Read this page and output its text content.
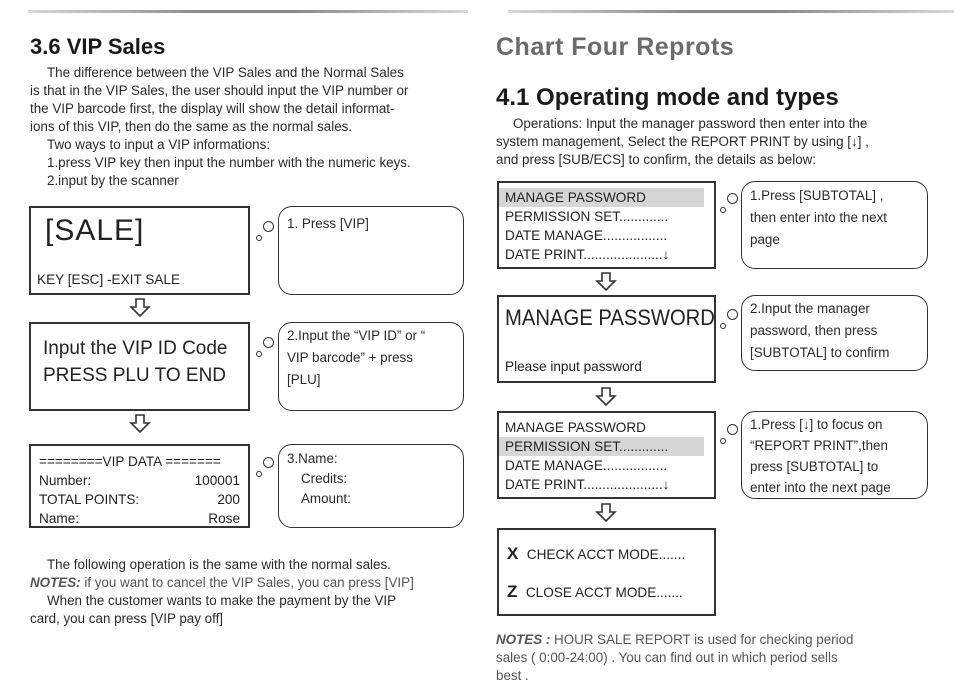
3.6 VIP Sales
The difference between the VIP Sales and the Normal Sales
is that in the VIP Sales, the user should input the VIP number or
the VIP barcode first, the display will show the detail informat-
ions of this VIP, then do the same as the normal sales.
Two ways to input a VIP informations:
1.press VIP key then input the number with the numeric keys.
2.input by the scanner
[SALE]
KEY [ESC] -EXIT SALE
1. Press [VIP]
Input the VIP ID Code
PRESS PLU TO END
2.Input the “VIP ID” or “
VIP barcode” + press
[PLU]
========VIP DATA =======
Number:	100001
TOTAL POINTS:	200
Name:	Rose
3.Name:
Credits:
Amount:
The following operation is the same with the normal sales.
NOTES: if you want to cancel the VIP Sales, you can press [VIP]
When the customer wants to make the payment by the VIP
card, you can press [VIP pay off]
Chart Four Reprots
4.1 Operating mode and types
Operations: Input the manager password then enter into the
system management, Select the REPORT PRINT by using [↓] ,
and press [SUB/ECS] to confirm, the details as below:
MANAGE PASSWORD
PERMISSION SET.............
DATE MANAGE.................
DATE PRINT.....................↓
1.Press [SUBTOTAL] ,
then enter into the next
page
MANAGE PASSWORD
Please input password
2.Input the manager
password, then press
[SUBTOTAL] to confirm
MANAGE PASSWORD
PERMISSION SET.............
DATE MANAGE.................
DATE PRINT.....................↓
1.Press [↓] to focus on
“REPORT PRINT”,then
press [SUBTOTAL] to
enter into the next page
X CHECK ACCT MODE.......
Z CLOSE ACCT MODE.......
NOTES : HOUR SALE REPORT is used for checking period
sales ( 0:00-24:00) . You can find out in which period sells
best .
